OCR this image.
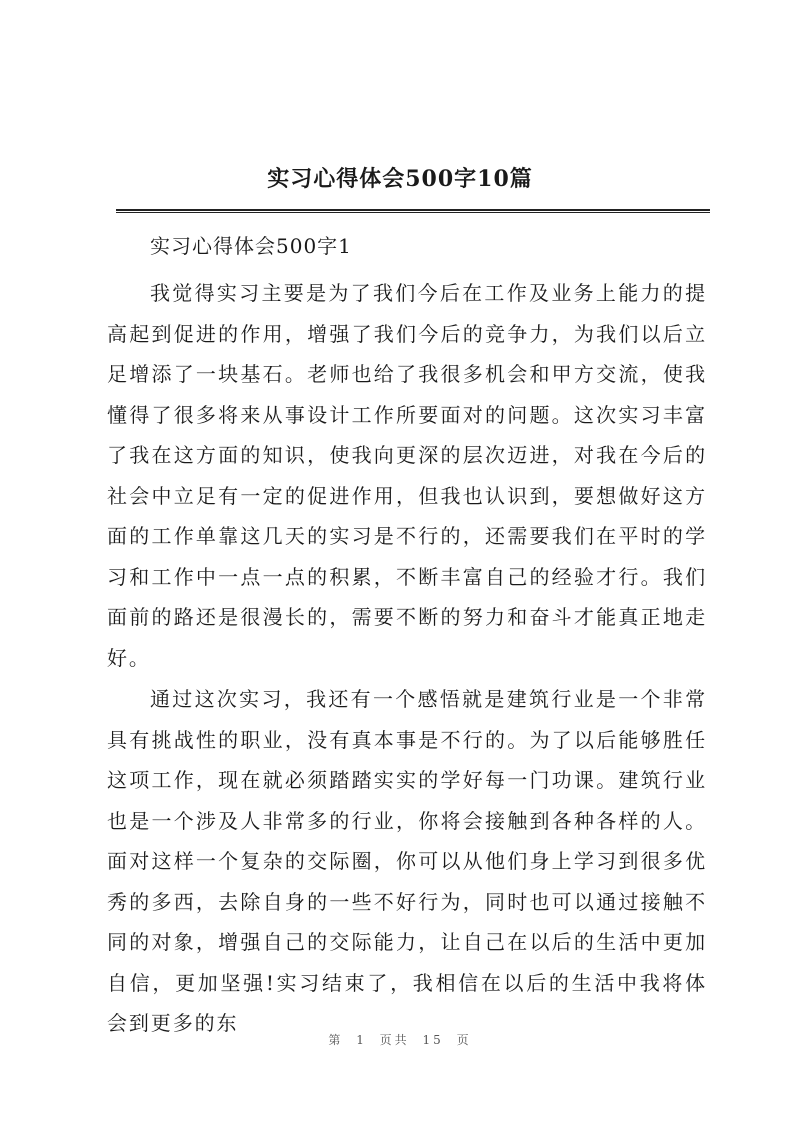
实习心得体会500字10篇
实习心得体会500字1

我觉得实习主要是为了我们今后在工作及业务上能力的提高起到促进的作用，增强了我们今后的竞争力，为我们以后立足增添了一块基石。老师也给了我很多机会和甲方交流，使我懂得了很多将来从事设计工作所要面对的问题。这次实习丰富了我在这方面的知识，使我向更深的层次迈进，对我在今后的社会中立足有一定的促进作用，但我也认识到，要想做好这方面的工作单靠这几天的实习是不行的，还需要我们在平时的学习和工作中一点一点的积累，不断丰富自己的经验才行。我们面前的路还是很漫长的，需要不断的努力和奋斗才能真正地走好。

通过这次实习，我还有一个感悟就是建筑行业是一个非常具有挑战性的职业，没有真本事是不行的。为了以后能够胜任这项工作，现在就必须踏踏实实的学好每一门功课。建筑行业也是一个涉及人非常多的行业，你将会接触到各种各样的人。面对这样一个复杂的交际圈，你可以从他们身上学习到很多优秀的多西，去除自身的一些不好行为，同时也可以通过接触不同的对象，增强自己的交际能力，让自己在以后的生活中更加自信，更加坚强!实习结束了，我相信在以后的生活中我将体会到更多的东

第 1 页共 15 页
